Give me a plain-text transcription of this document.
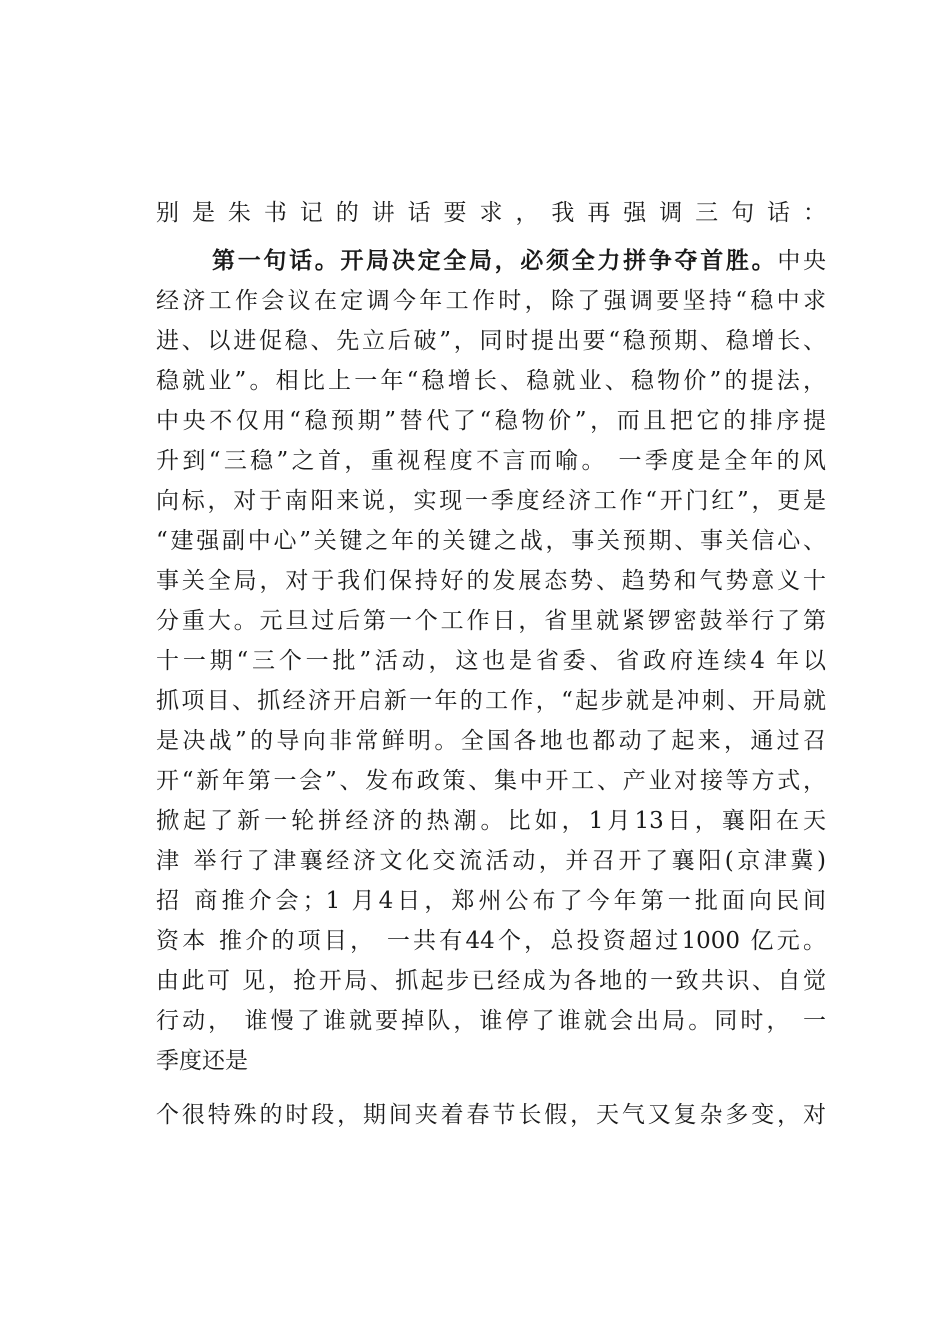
别是朱书记的讲话要求，我再强调三句话：
第一句话。开局决定全局，必须全力拼争夺首胜。中央
经济工作会议在定调今年工作时，除了强调要坚持“稳中求
进、以进促稳、先立后破”，同时提出要“稳预期、稳增长、
稳就业”。相比上一年“稳增长、稳就业、稳物价”的提法，
中央不仅用“稳预期”替代了“稳物价”，而且把它的排序提
升到“三稳”之首，重视程度不言而喻。 一季度是全年的风
向标，对于南阳来说，实现一季度经济工作“开门红”，更是
“建强副中心”关键之年的关键之战，事关预期、事关信心、
事关全局，对于我们保持好的发展态势、趋势和气势意义十
分重大。元旦过后第一个工作日，省里就紧锣密鼓举行了第
十一期“三个一批”活动，这也是省委、省政府连续4 年以
抓项目、抓经济开启新一年的工作，“起步就是冲刺、开局就
是决战”的导向非常鲜明。全国各地也都动了起来，通过召
开“新年第一会”、发布政策、集中开工、产业对接等方式，
掀起了新一轮拼经济的热潮。比如，1月13日，襄阳在天
津 举行了津襄经济文化交流活动，并召开了襄阳(京津冀)
招 商推介会；1 月4日，郑州公布了今年第一批面向民间
资本 推介的项目， 一共有44个，总投资超过1000 亿元。
由此可 见，抢开局、抓起步已经成为各地的一致共识、自觉
行动， 谁慢了谁就要掉队，谁停了谁就会出局。同时， 一
季度还是
个很特殊的时段，期间夹着春节长假，天气又复杂多变，对
